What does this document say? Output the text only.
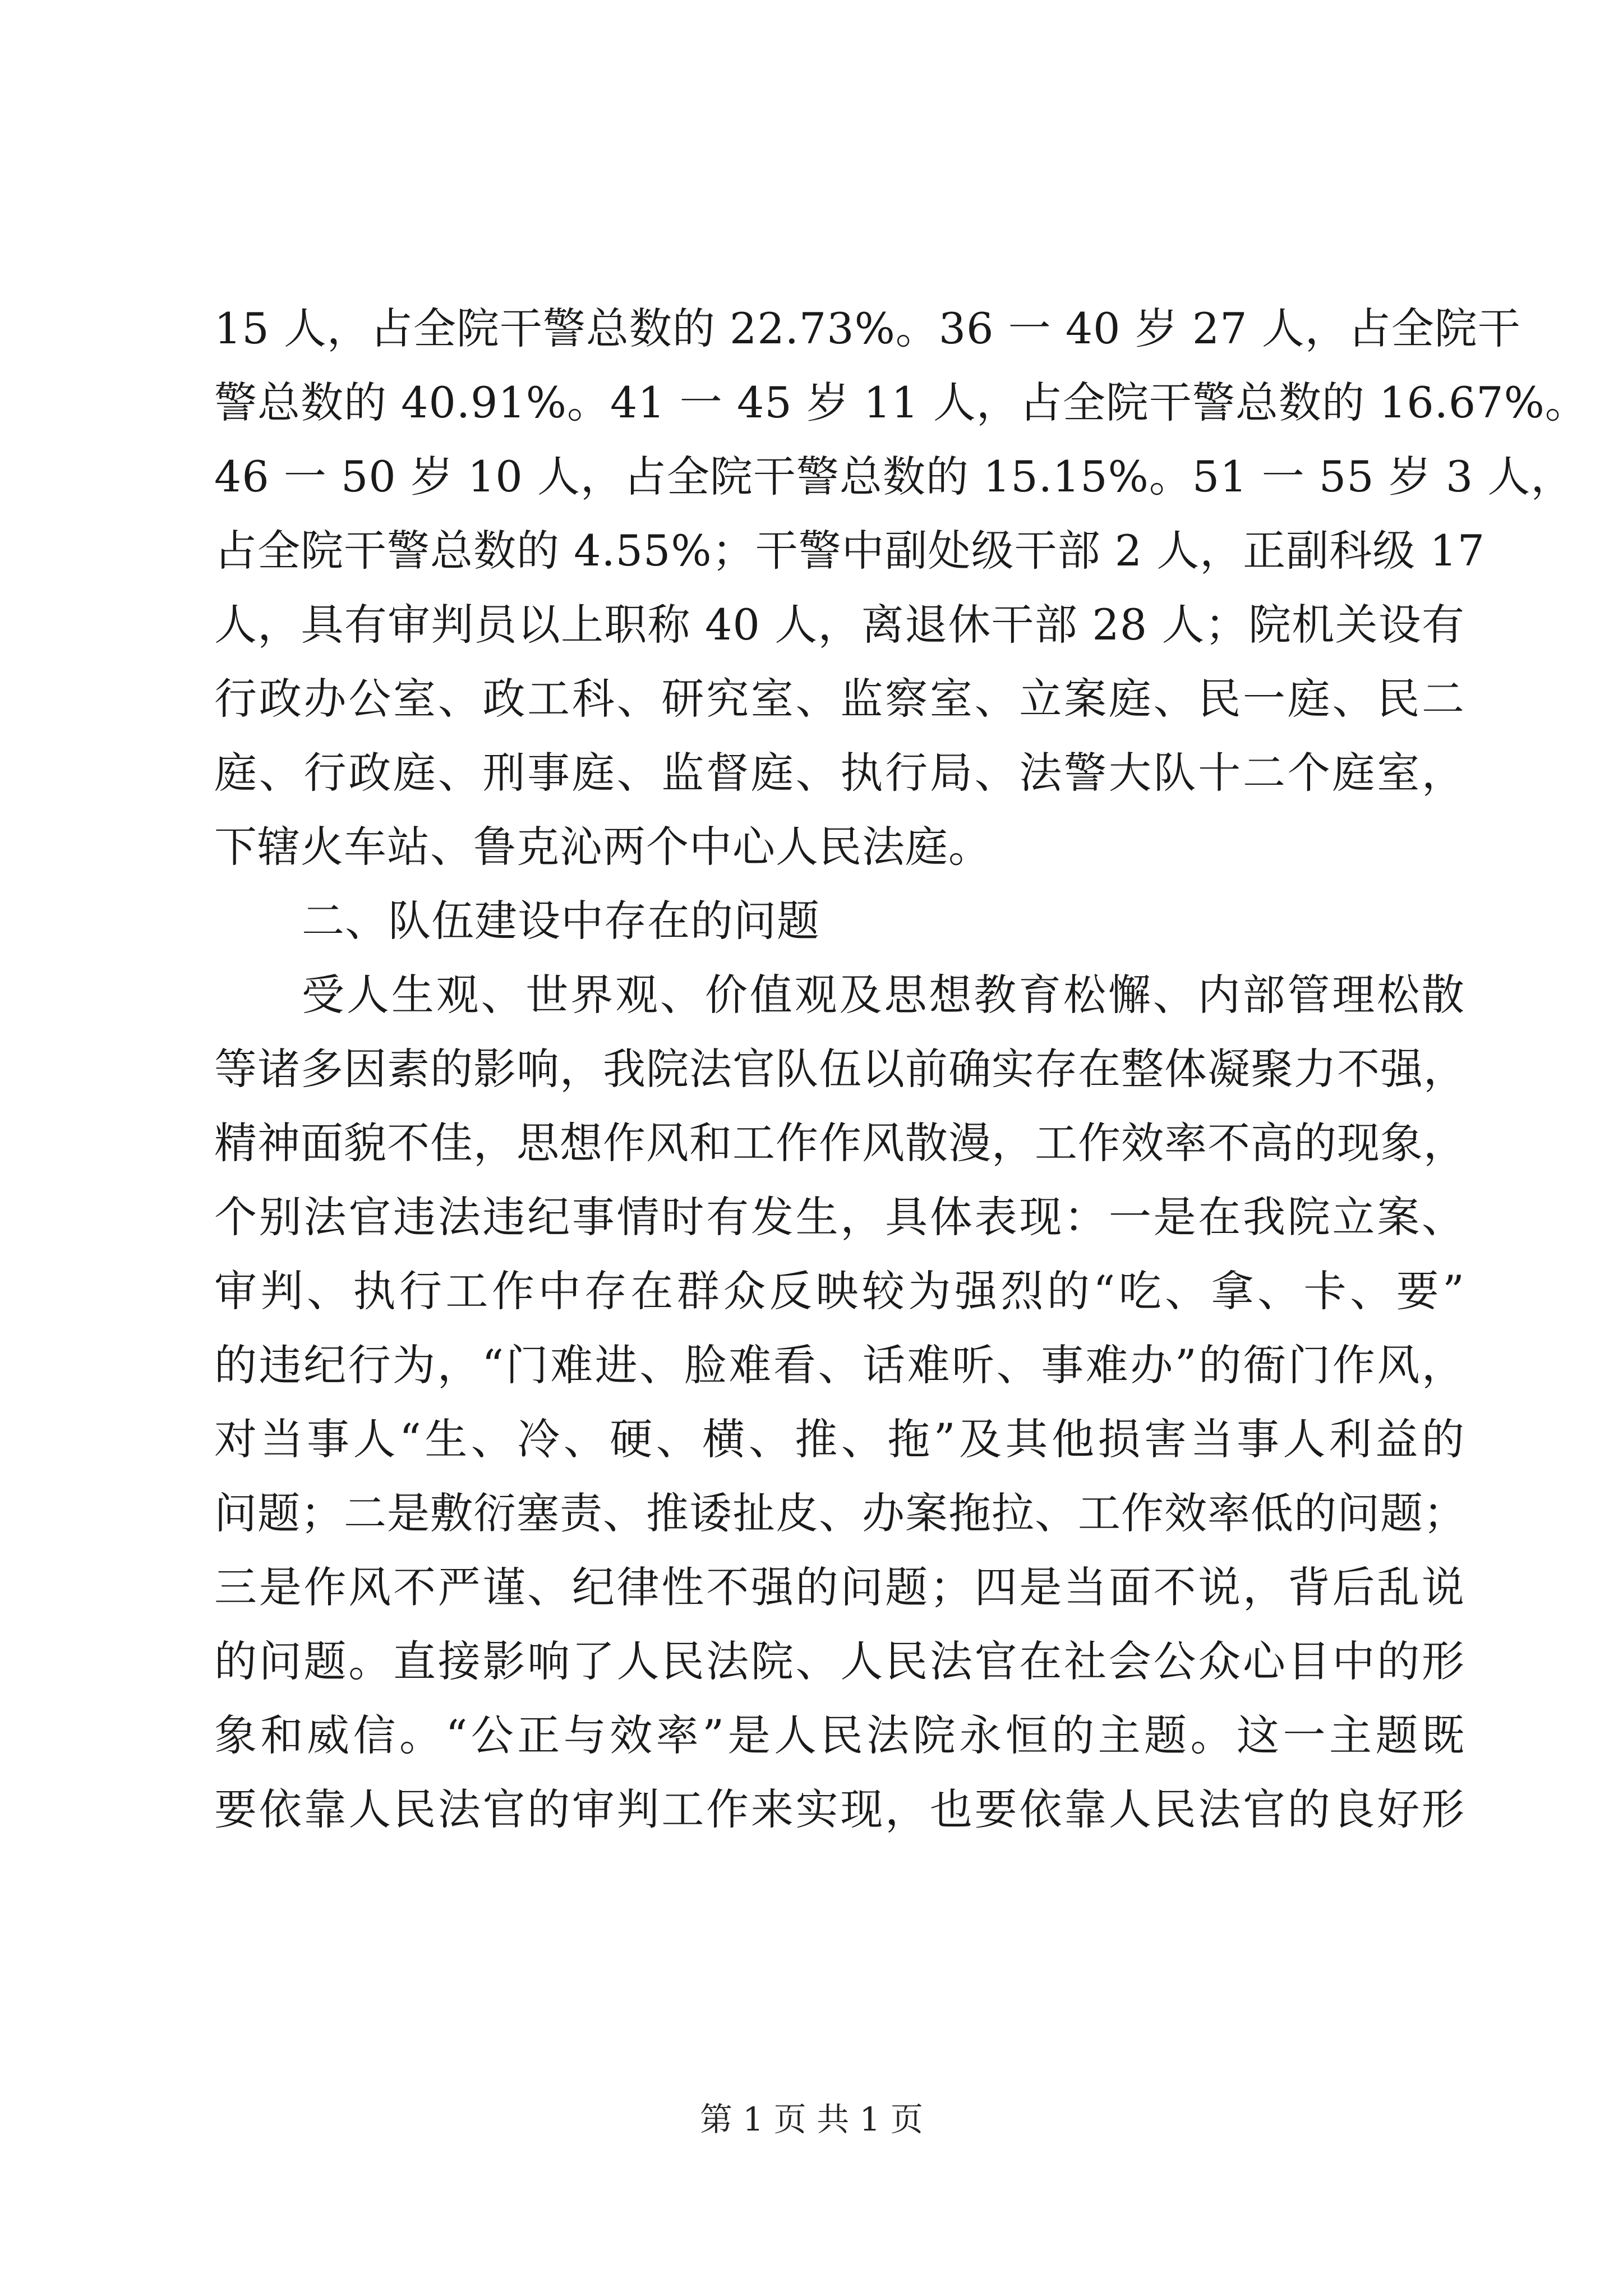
15 人，占全院干警总数的 22.73%。36 一 40 岁 27 人，占全院干
警总数的 40.91%。41 一 45 岁 11 人，占全院干警总数的 16.67%。
46 一 50 岁 10 人，占全院干警总数的 15.15%。51 一 55 岁 3 人，
占全院干警总数的 4.55%；干警中副处级干部 2 人，正副科级 17
人，具有审判员以上职称 40 人，离退休干部 28 人；院机关设有
行政办公室、政工科、研究室、监察室、立案庭、民一庭、民二
庭、行政庭、刑事庭、监督庭、执行局、法警大队十二个庭室，
下辖火车站、鲁克沁两个中心人民法庭。
二、队伍建设中存在的问题
受人生观、世界观、价值观及思想教育松懈、内部管理松散
等诸多因素的影响，我院法官队伍以前确实存在整体凝聚力不强，
精神面貌不佳，思想作风和工作作风散漫，工作效率不高的现象，
个别法官违法违纪事情时有发生，具体表现：一是在我院立案、
审判、执行工作中存在群众反映较为强烈的“吃、拿、卡、要”
的违纪行为，“门难进、脸难看、话难听、事难办”的衙门作风，
对当事人“生、冷、硬、横、推、拖”及其他损害当事人利益的
问题；二是敷衍塞责、推诿扯皮、办案拖拉、工作效率低的问题；
三是作风不严谨、纪律性不强的问题；四是当面不说，背后乱说
的问题。直接影响了人民法院、人民法官在社会公众心目中的形
象和威信。“公正与效率”是人民法院永恒的主题。这一主题既
要依靠人民法官的审判工作来实现，也要依靠人民法官的良好形
第 1 页 共 1 页
